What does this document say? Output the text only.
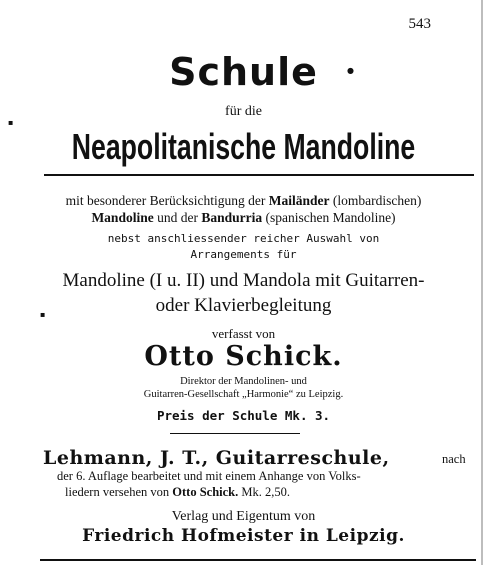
543
Schule	●
für die
Neapolitanische Mandoline
mit besonderer Berücksichtigung der Mailänder (lombardischen)
Mandoline und der Bandurria (spanischen Mandoline)
nebst anschliessender reicher Auswahl von
Arrangements für
Mandoline (I u. II) und Mandola mit Guitarren-
oder Klavierbegleitung
verfasst von
Otto Schick.
Direktor der Mandolinen- und
Guitarren-Gesellschaft „Harmonie“ zu Leipzig.
Preis der Schule Mk. 3.
Lehmann, J. T., Guitarreschule,	nach
der 6. Auflage bearbeitet und mit einem Anhange von Volks-
liedern versehen von Otto Schick. Mk. 2,50.
Verlag und Eigentum von
Friedrich Hofmeister in Leipzig.
▪
▪
